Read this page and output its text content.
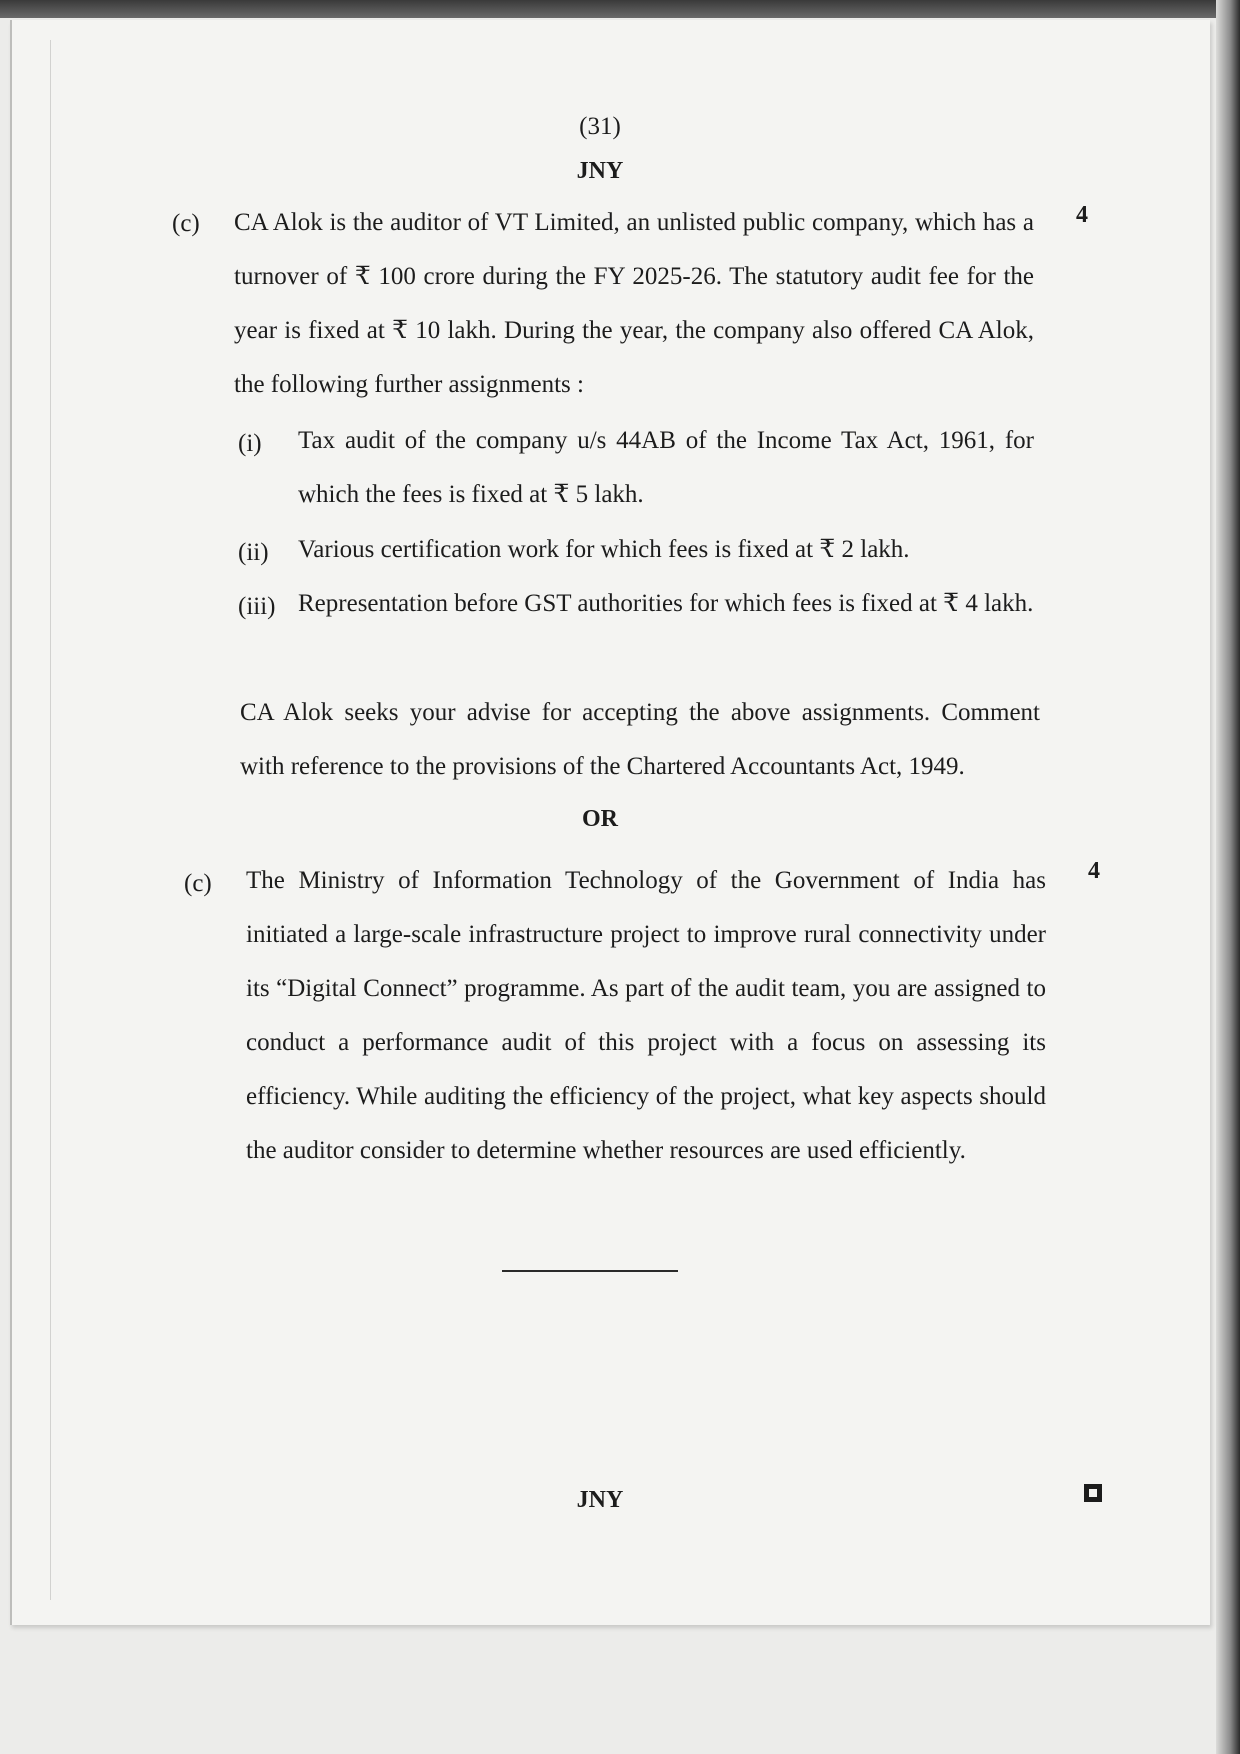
(31)
JNY
(c)	4
CA Alok is the auditor of VT Limited, an unlisted public company, which has a turnover of ₹ 100 crore during the FY 2025-26. The statutory audit fee for the year is fixed at ₹ 10 lakh. During the year, the company also offered CA Alok, the following further assignments :
(i) Tax audit of the company u/s 44AB of the Income Tax Act, 1961, for which the fees is fixed at ₹ 5 lakh.
(ii) Various certification work for which fees is fixed at ₹ 2 lakh.
(iii) Representation before GST authorities for which fees is fixed at ₹ 4 lakh.
CA Alok seeks your advise for accepting the above assignments. Comment with reference to the provisions of the Chartered Accountants Act, 1949.
OR
(c)	4
The Ministry of Information Technology of the Government of India has initiated a large-scale infrastructure project to improve rural connectivity under its “Digital Connect” programme. As part of the audit team, you are assigned to conduct a performance audit of this project with a focus on assessing its efficiency. While auditing the efficiency of the project, what key aspects should the auditor consider to determine whether resources are used efficiently.
JNY
